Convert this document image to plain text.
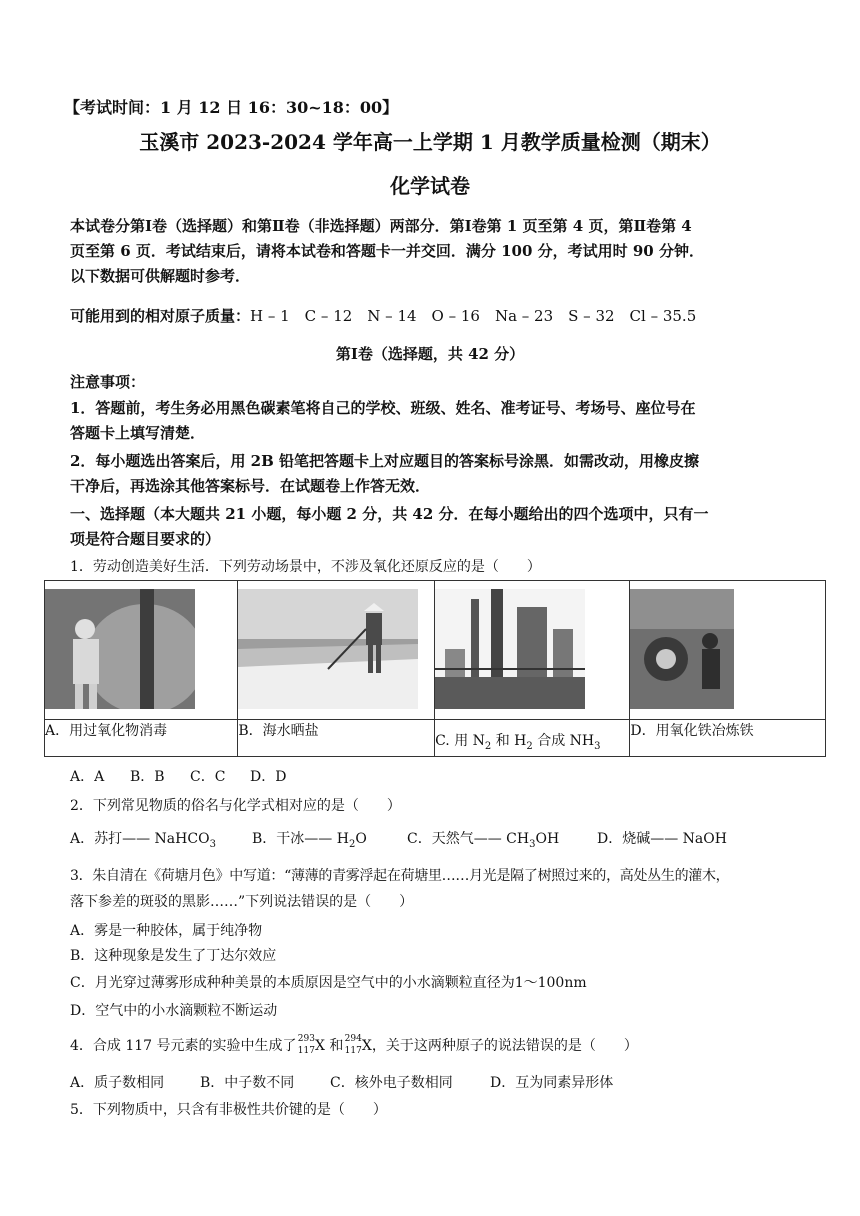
【考试时间：1 月 12 日 16：30~18：00】
玉溪市 2023-2024 学年高一上学期 1 月教学质量检测（期末）
化学试卷
本试卷分第Ⅰ卷（选择题）和第Ⅱ卷（非选择题）两部分．第Ⅰ卷第 1 页至第 4 页，第Ⅱ卷第 4
页至第 6 页．考试结束后，请将本试卷和答题卡一并交回．满分 100 分，考试用时 90 分钟．
以下数据可供解题时参考．
可能用到的相对原子质量：H – 1　C – 12　N – 14　O – 16　Na – 23　S – 32　Cl – 35.5
第Ⅰ卷（选择题，共 42 分）
注意事项：
1．答题前，考生务必用黑色碳素笔将自己的学校、班级、姓名、准考证号、考场号、座位号在
答题卡上填写清楚．
2．每小题选出答案后，用 2B 铅笔把答题卡上对应题目的答案标号涂黑．如需改动，用橡皮擦
干净后，再选涂其他答案标号．在试题卷上作答无效．
一、选择题（本大题共 21 小题，每小题 2 分，共 42 分．在每小题给出的四个选项中，只有一
项是符合题目要求的）
1．劳动创造美好生活．下列劳动场景中，不涉及氧化还原反应的是（　　）

A．用过氧化物消毒	B．海水晒盐	C. 用 $N_2$ 和 $H_2$ 合成 $NH_3$	D．用氧化铁冶炼铁
A．A B．B C．C D．D
2．下列常见物质的俗名与化学式相对应的是（　　）
A．苏打—— NaHCO$_3$	B．干冰—— $H_2O$	C．天然气—— $CH_3OH$	D．烧碱—— NaOH
3．朱自清在《荷塘月色》中写道：“薄薄的青雾浮起在荷塘里……月光是隔了树照过来的，高处丛生的灌木，
落下参差的斑驳的黑影……”下列说法错误的是（　　）
A．雾是一种胶体，属于纯净物
B．这种现象是发生了丁达尔效应
C．月光穿过薄雾形成种种美景的本质原因是空气中的小水滴颗粒直径为1～100nm
D．空气中的小水滴颗粒不断运动
4．合成 117 号元素的实验中生成了 293
117 X 和 294
117 X，关于这两种原子的说法错误的是（　　）
A．质子数相同	B．中子数不同	C．核外电子数相同	D．互为同素异形体
5．下列物质中，只含有非极性共价键的是（　　）
